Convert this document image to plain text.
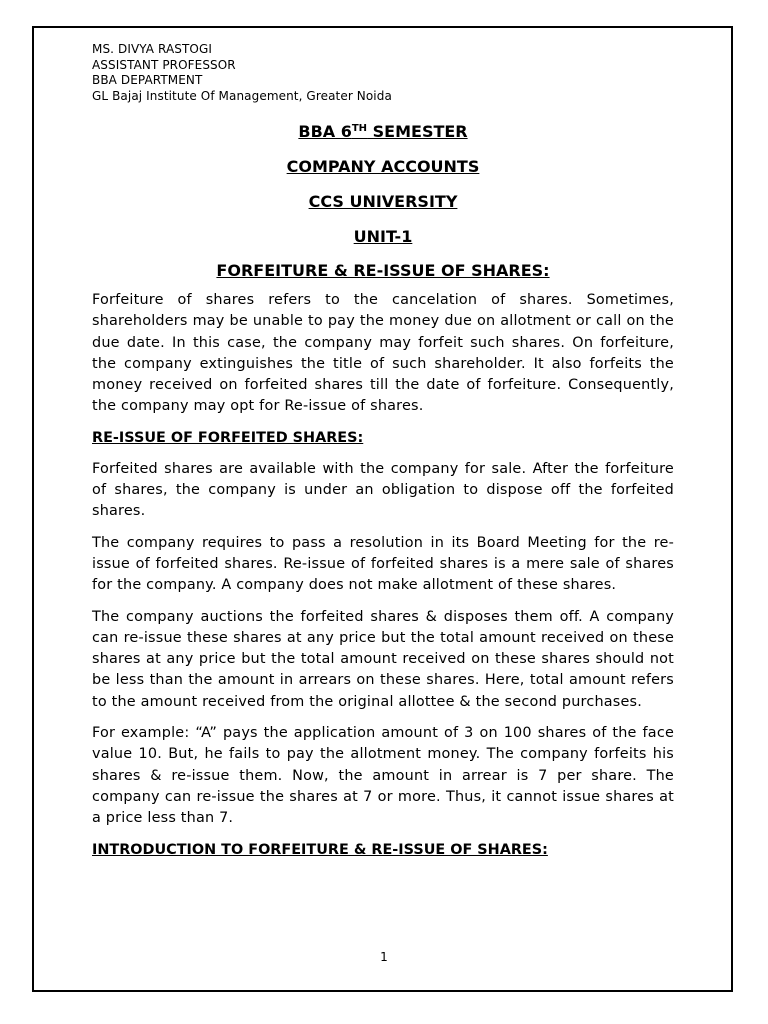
MS. DIVYA RASTOGI
ASSISTANT PROFESSOR
BBA DEPARTMENT
GL Bajaj Institute Of Management, Greater Noida
BBA 6TH SEMESTER
COMPANY ACCOUNTS
CCS UNIVERSITY
UNIT-1
FORFEITURE & RE-ISSUE OF SHARES:

Forfeiture of shares refers to the cancelation of shares. Sometimes, shareholders may be unable to pay the money due on allotment or call on the due date. In this case, the company may forfeit such shares. On forfeiture, the company extinguishes the title of such shareholder. It also forfeits the money received on forfeited shares till the date of forfeiture. Consequently, the company may opt for Re-issue of shares.

RE-ISSUE OF FORFEITED SHARES:

Forfeited shares are available with the company for sale. After the forfeiture of shares, the company is under an obligation to dispose off the forfeited shares.

The company requires to pass a resolution in its Board Meeting for the re-issue of forfeited shares. Re-issue of forfeited shares is a mere sale of shares for the company. A company does not make allotment of these shares.

The company auctions the forfeited shares & disposes them off. A company can re-issue these shares at any price but the total amount received on these shares at any price but the total amount received on these shares should not be less than the amount in arrears on these shares. Here, total amount refers to the amount received from the original allottee & the second purchases.

For example: “A” pays the application amount of 3 on 100 shares of the face value 10. But, he fails to pay the allotment money. The company forfeits his shares & re-issue them. Now, the amount in arrear is 7 per share. The company can re-issue the shares at 7 or more. Thus, it cannot issue shares at a price less than 7.

INTRODUCTION TO FORFEITURE & RE-ISSUE OF SHARES:
1
